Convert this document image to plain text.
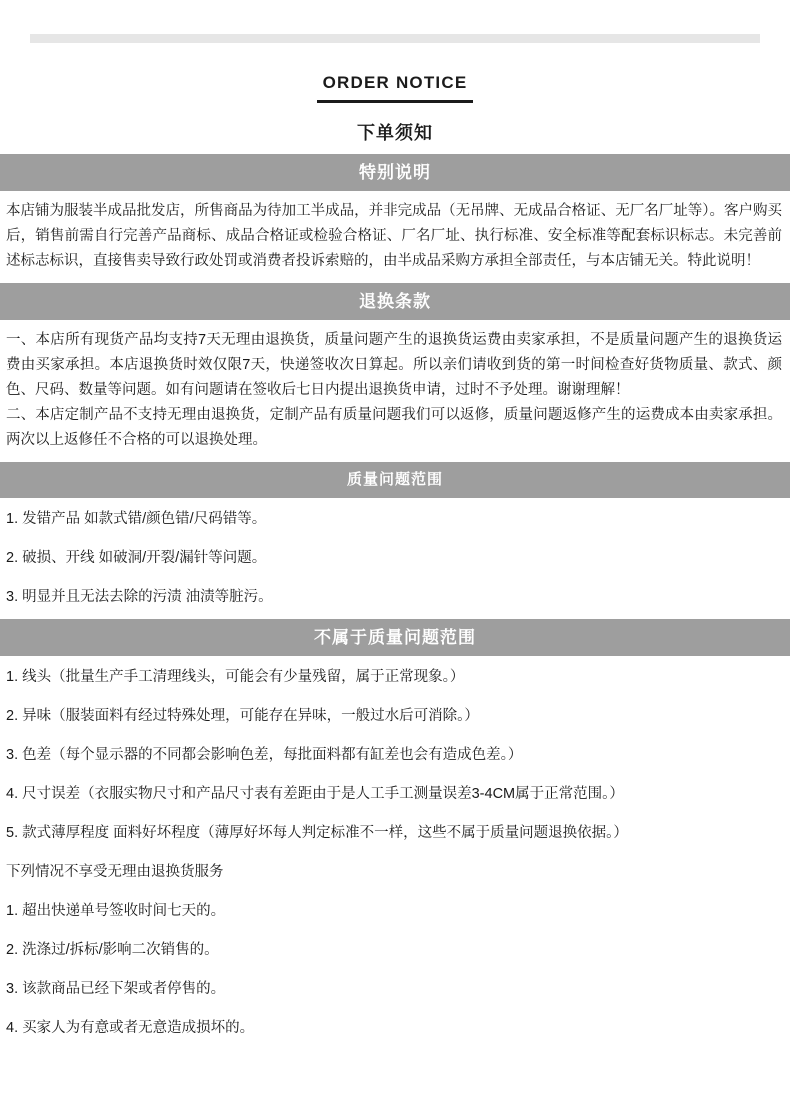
ORDER NOTICE
下单须知
特别说明

本店铺为服装半成品批发店，所售商品为待加工半成品，并非完成品（无吊牌、无成品合格证、无厂名厂址等）。客户购买后，销售前需自行完善产品商标、成品合格证或检验合格证、厂名厂址、执行标准、安全标准等配套标识标志。未完善前述标志标识，直接售卖导致行政处罚或消费者投诉索赔的，由半成品采购方承担全部责任，与本店铺无关。特此说明！

退换条款

一、本店所有现货产品均支持7天无理由退换货，质量问题产生的退换货运费由卖家承担，不是质量问题产生的退换货运费由买家承担。本店退换货时效仅限7天，快递签收次日算起。所以亲们请收到货的第一时间检查好货物质量、款式、颜色、尺码、数量等问题。如有问题请在签收后七日内提出退换货申请，过时不予处理。谢谢理解！

二、本店定制产品不支持无理由退换货，定制产品有质量问题我们可以返修，质量问题返修产生的运费成本由卖家承担。两次以上返修任不合格的可以退换处理。

质量问题范围

1. 发错产品 如款式错/颜色错/尺码错等。

2. 破损、开线 如破洞/开裂/漏针等问题。

3. 明显并且无法去除的污渍 油渍等脏污。

不属于质量问题范围

1. 线头（批量生产手工清理线头，可能会有少量残留，属于正常现象。）

2. 异味（服装面料有经过特殊处理，可能存在异味，一般过水后可消除。）

3. 色差（每个显示器的不同都会影响色差，每批面料都有缸差也会有造成色差。）

4. 尺寸误差（衣服实物尺寸和产品尺寸表有差距由于是人工手工测量误差3-4CM属于正常范围。）

5. 款式薄厚程度 面料好坏程度（薄厚好坏每人判定标准不一样，这些不属于质量问题退换依据。）

下列情况不享受无理由退换货服务

1. 超出快递单号签收时间七天的。

2. 洗涤过/拆标/影响二次销售的。

3. 该款商品已经下架或者停售的。

4. 买家人为有意或者无意造成损坏的。
